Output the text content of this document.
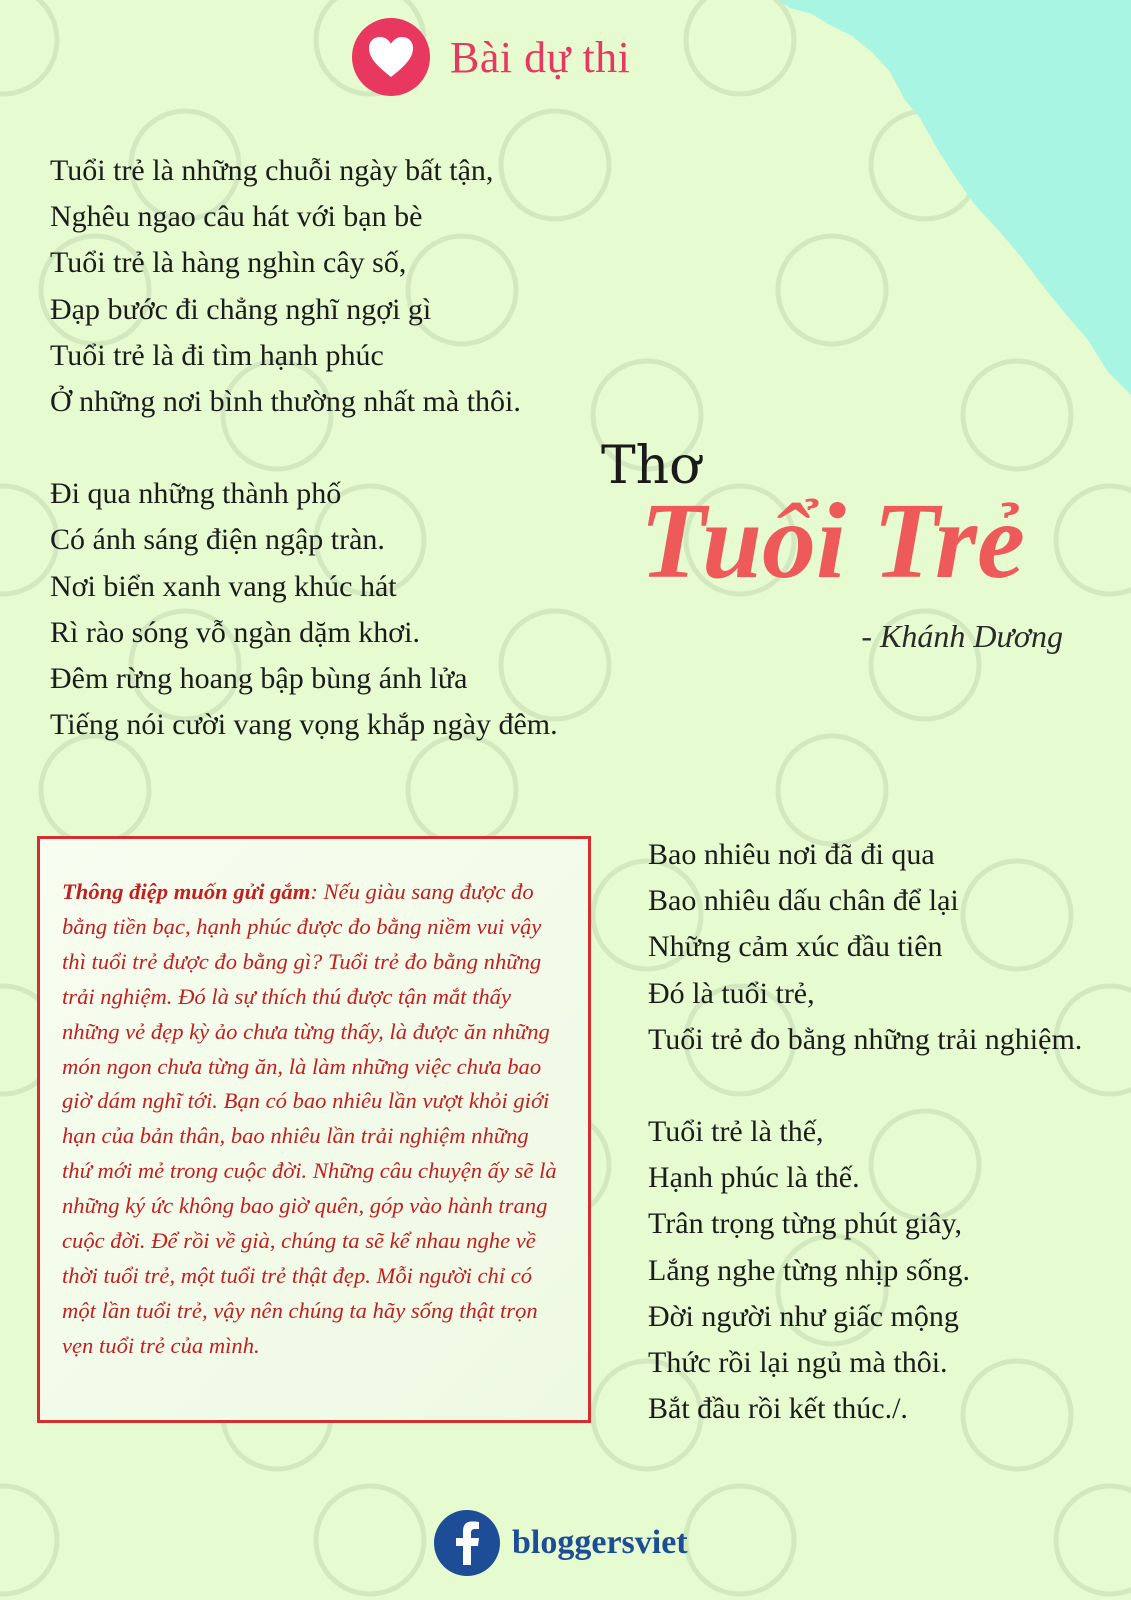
Bài dự thi
Tuổi trẻ là những chuỗi ngày bất tận,
Nghêu ngao câu hát với bạn bè
Tuổi trẻ là hàng nghìn cây số,
Đạp bước đi chẳng nghĩ ngợi gì
Tuổi trẻ là đi tìm hạnh phúc
Ở những nơi bình thường nhất mà thôi.
Đi qua những thành phố
Có ánh sáng điện ngập tràn.
Nơi biển xanh vang khúc hát
Rì rào sóng vỗ ngàn dặm khơi.
Đêm rừng hoang bập bùng ánh lửa
Tiếng nói cười vang vọng khắp ngày đêm.
Thơ
Tuổi Trẻ
- Khánh Dương

Thông điệp muốn gửi gắm: Nếu giàu sang được đo bằng tiền bạc, hạnh phúc được đo bằng niềm vui vậy thì tuổi trẻ được đo bằng gì? Tuổi trẻ đo bằng những trải nghiệm. Đó là sự thích thú được tận mắt thấy những vẻ đẹp kỳ ảo chưa từng thấy, là được ăn những món ngon chưa từng ăn, là làm những việc chưa bao giờ dám nghĩ tới. Bạn có bao nhiêu lần vượt khỏi giới hạn của bản thân, bao nhiêu lần trải nghiệm những thứ mới mẻ trong cuộc đời. Những câu chuyện ấy sẽ là những ký ức không bao giờ quên, góp vào hành trang cuộc đời. Để rồi về già, chúng ta sẽ kể nhau nghe về thời tuổi trẻ, một tuổi trẻ thật đẹp. Mỗi người chỉ có một lần tuổi trẻ, vậy nên chúng ta hãy sống thật trọn vẹn tuổi trẻ của mình.

Bao nhiêu nơi đã đi qua
Bao nhiêu dấu chân để lại
Những cảm xúc đầu tiên
Đó là tuổi trẻ,
Tuổi trẻ đo bằng những trải nghiệm.
Tuổi trẻ là thế,
Hạnh phúc là thế.
Trân trọng từng phút giây,
Lắng nghe từng nhịp sống.
Đời người như giấc mộng
Thức rồi lại ngủ mà thôi.
Bắt đầu rồi kết thúc./.
bloggersviet
